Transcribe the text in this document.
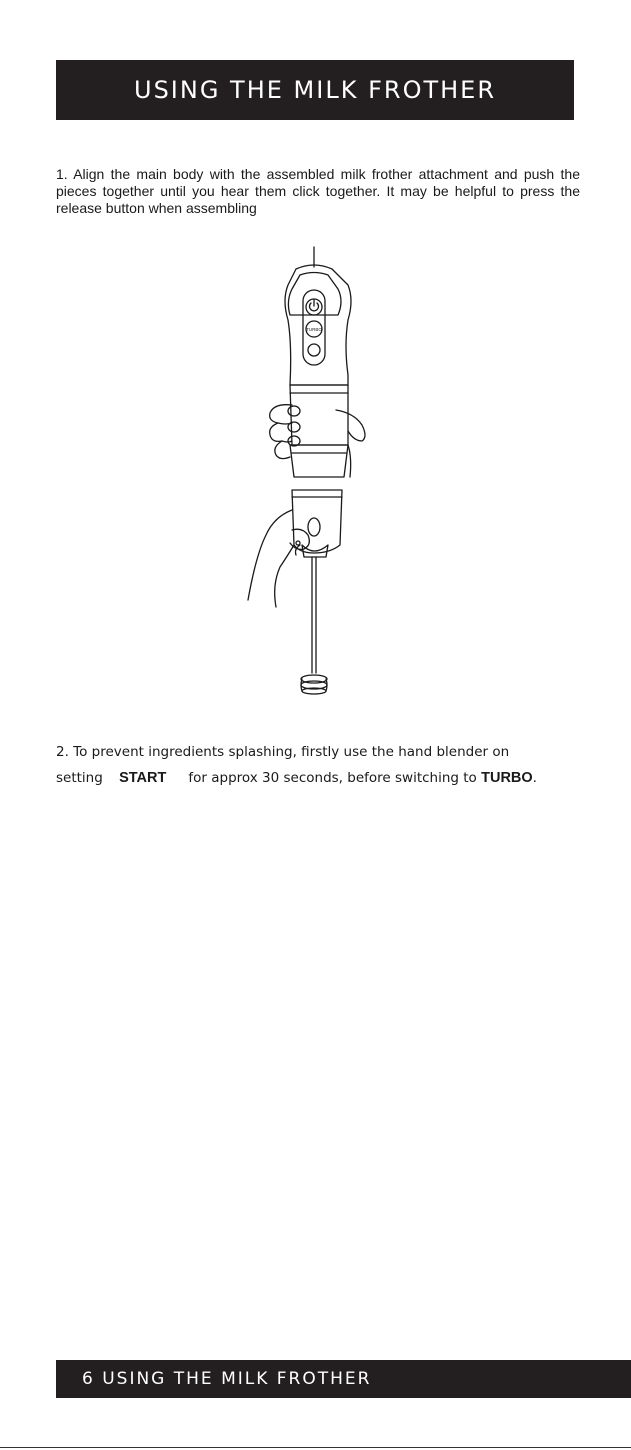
USING THE MILK FROTHER

1. Align the main body with the assembled milk frother attachment and push the pieces together until you hear them click together. It may be helpful to press the release button when assembling

TURBO
2. To prevent ingredients splashing, firstly use the hand blender on
setting START for approx 30 seconds, before switching to TURBO.
6 USING THE MILK FROTHER
